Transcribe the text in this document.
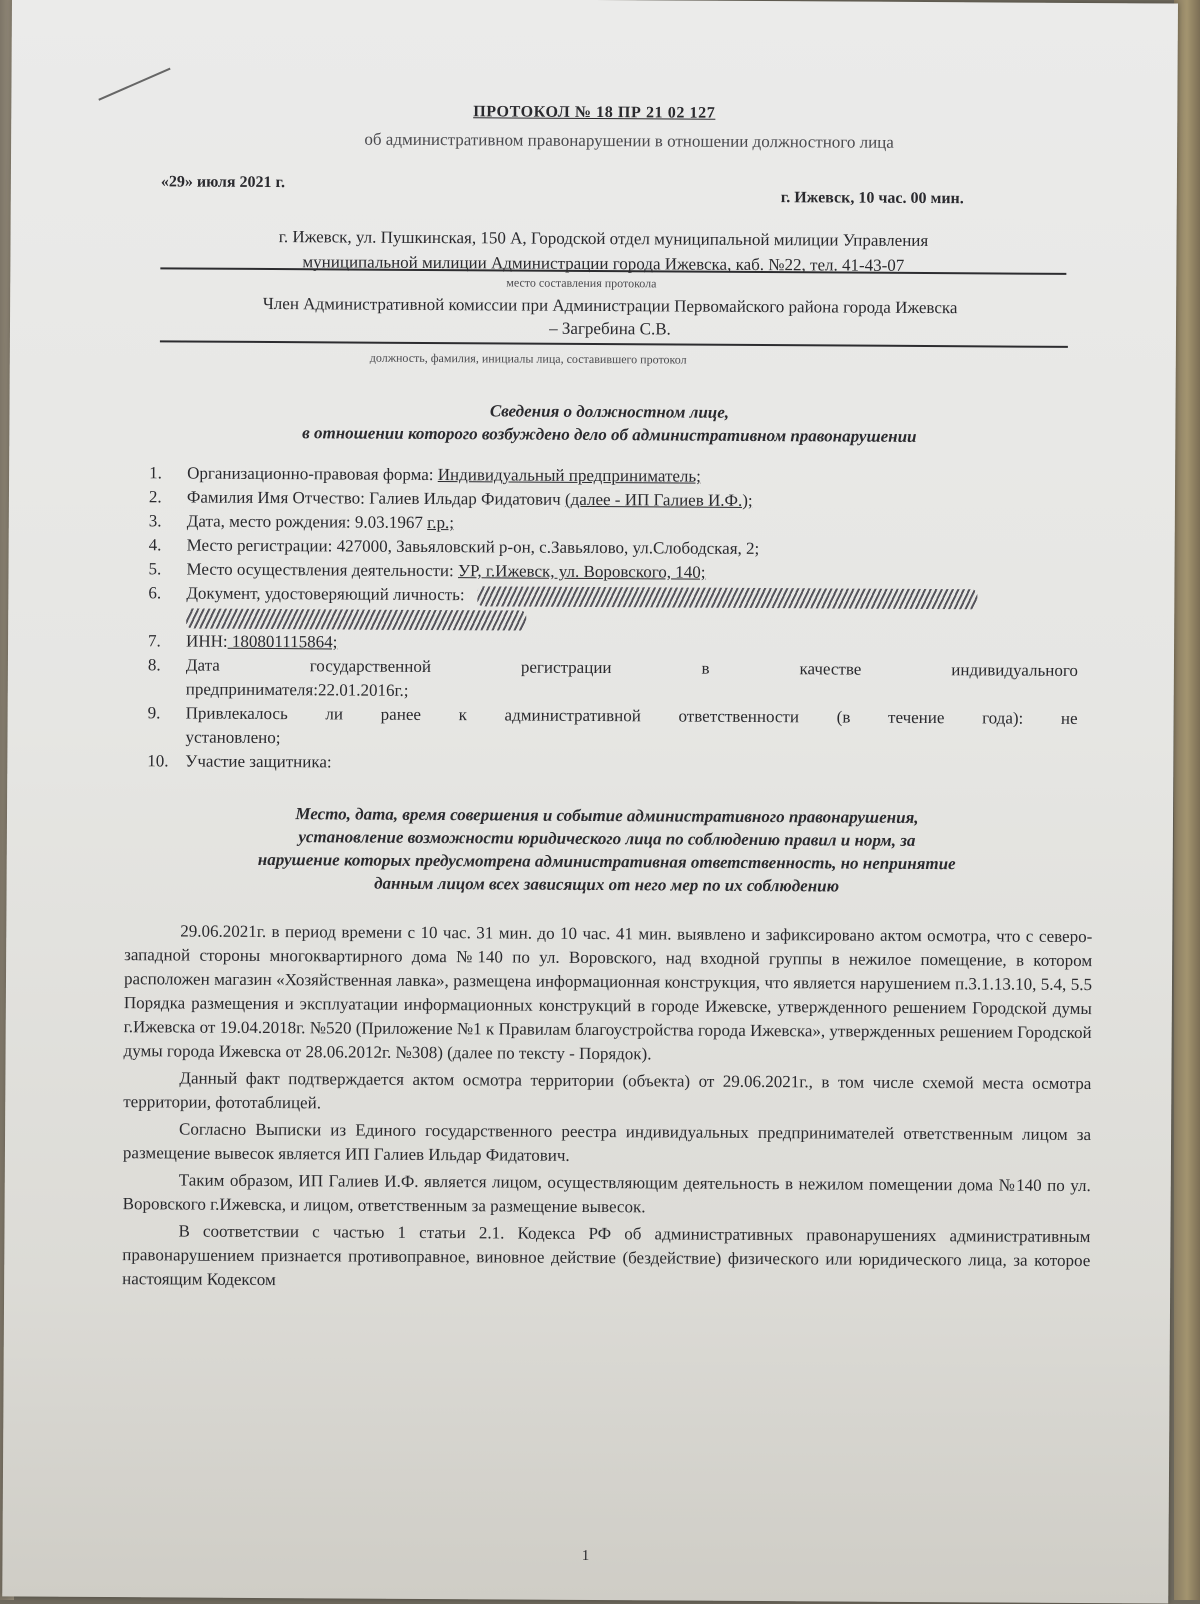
ПРОТОКОЛ № 18 ПР 21 02 127
об административном правонарушении в отношении должностного лица
«29» июля 2021 г.
г. Ижевск, 10 час. 00 мин.
г. Ижевск, ул. Пушкинская, 150 А, Городской отдел муниципальной милиции Управления
муниципальной милиции Администрации города Ижевска, каб. №22, тел. 41-43-07
место составления протокола
Член Административной комиссии при Администрации Первомайского района города Ижевска
– Загребина С.В.
должность, фамилия, инициалы лица, составившего протокол
Сведения о должностном лице,
в отношении которого возбуждено дело об административном правонарушении
1. Организационно-правовая форма: Индивидуальный предприниматель;
2. Фамилия Имя Отчество: Галиев Ильдар Фидатович (далее - ИП Галиев И.Ф.);
3. Дата, место рождения: 9.03.1967 г.р.;
4. Место регистрации: 427000, Завьяловский р-он, с.Завьялово, ул.Слободская, 2;
5. Место осуществления деятельности: УР, г.Ижевск, ул. Воровского, 140;
6. Документ, удостоверяющий личность:

7. ИНН: 180801115864;
8. Дата государственной регистрации в качестве индивидуального
предпринимателя:22.01.2016г.;
9. Привлекалось ли ранее к административной ответственности (в течение года): не
установлено;
10. Участие защитника:
Место, дата, время совершения и событие административного правонарушения,
установление возможности юридического лица по соблюдению правил и норм, за
нарушение которых предусмотрена административная ответственность, но непринятие
данным лицом всех зависящих от него мер по их соблюдению

29.06.2021г. в период времени с 10 час. 31 мин. до 10 час. 41 мин. выявлено и зафиксировано актом осмотра, что с северо-западной стороны многоквартирного дома №140 по ул. Воровского, над входной группы в нежилое помещение, в котором расположен магазин «Хозяйственная лавка», размещена информационная конструкция, что является нарушением п.3.1.13.10, 5.4, 5.5 Порядка размещения и эксплуатации информационных конструкций в городе Ижевске, утвержденного решением Городской думы г.Ижевска от 19.04.2018г. №520 (Приложение №1 к Правилам благоустройства города Ижевска», утвержденных решением Городской думы города Ижевска от 28.06.2012г. №308) (далее по тексту - Порядок).

Данный факт подтверждается актом осмотра территории (объекта) от 29.06.2021г., в том числе схемой места осмотра территории, фототаблицей.

Согласно Выписки из Единого государственного реестра индивидуальных предпринимателей ответственным лицом за размещение вывесок является ИП Галиев Ильдар Фидатович.

Таким образом, ИП Галиев И.Ф. является лицом, осуществляющим деятельность в нежилом помещении дома №140 по ул. Воровского г.Ижевска, и лицом, ответственным за размещение вывесок.

В соответствии с частью 1 статьи 2.1. Кодекса РФ об административных правонарушениях административным правонарушением признается противоправное, виновное действие (бездействие) физического или юридического лица, за которое настоящим Кодексом

1
